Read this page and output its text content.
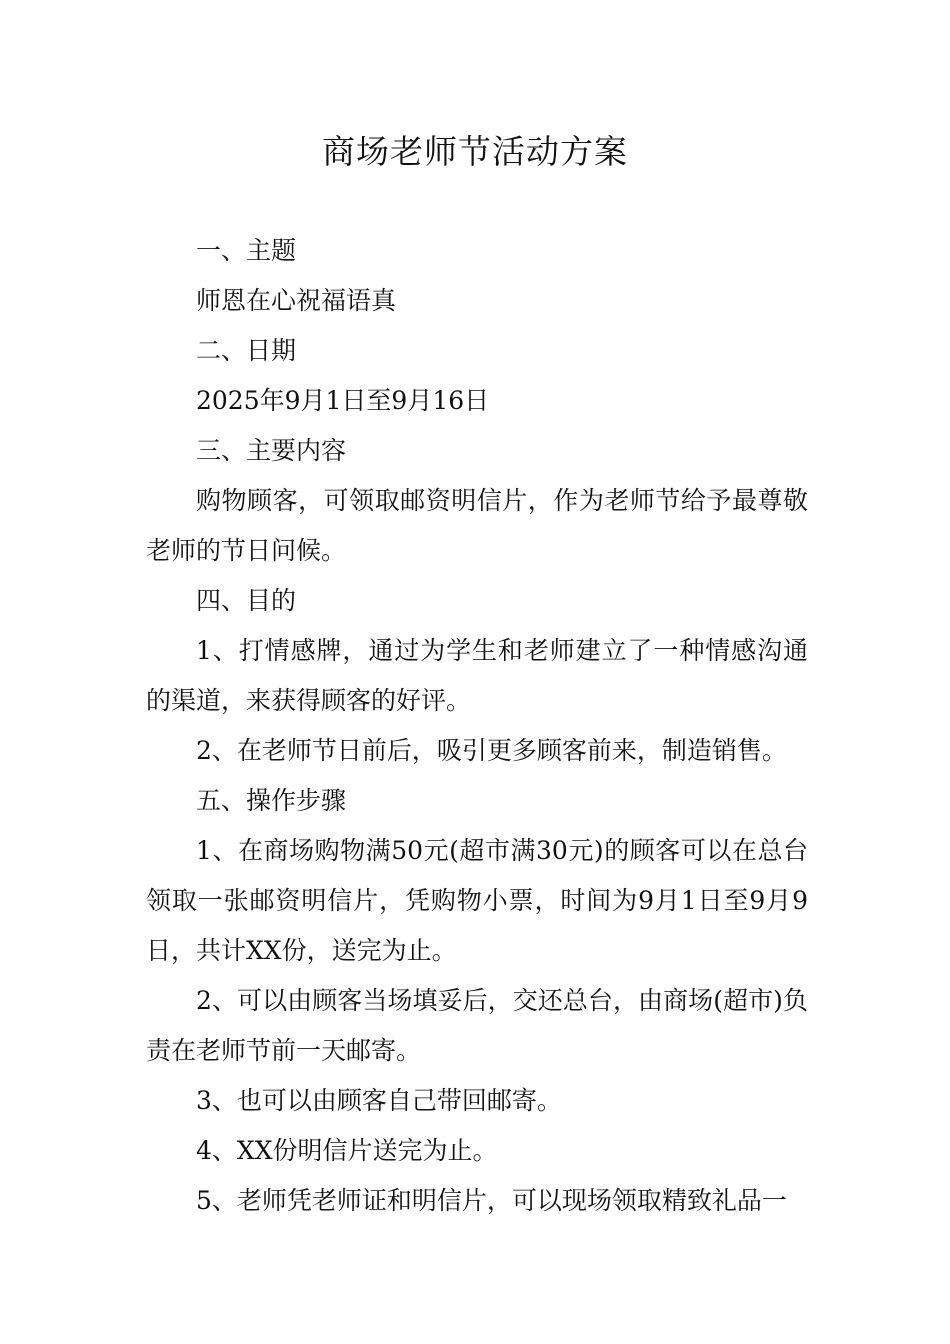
商场老师节活动方案

一、主题

师恩在心祝福语真

二、日期

2025年9月1日至9月16日

三、主要内容

购物顾客，可领取邮资明信片，作为老师节给予最尊敬老师的节日问候。

四、目的

1、打情感牌，通过为学生和老师建立了一种情感沟通的渠道，来获得顾客的好评。

2、在老师节日前后，吸引更多顾客前来，制造销售。

五、操作步骤

1、在商场购物满50元(超市满30元)的顾客可以在总台领取一张邮资明信片，凭购物小票，时间为9月1日至9月9日，共计XX份，送完为止。

2、可以由顾客当场填妥后，交还总台，由商场(超市)负责在老师节前一天邮寄。

3、也可以由顾客自己带回邮寄。

4、XX份明信片送完为止。

5、老师凭老师证和明信片，可以现场领取精致礼品一
